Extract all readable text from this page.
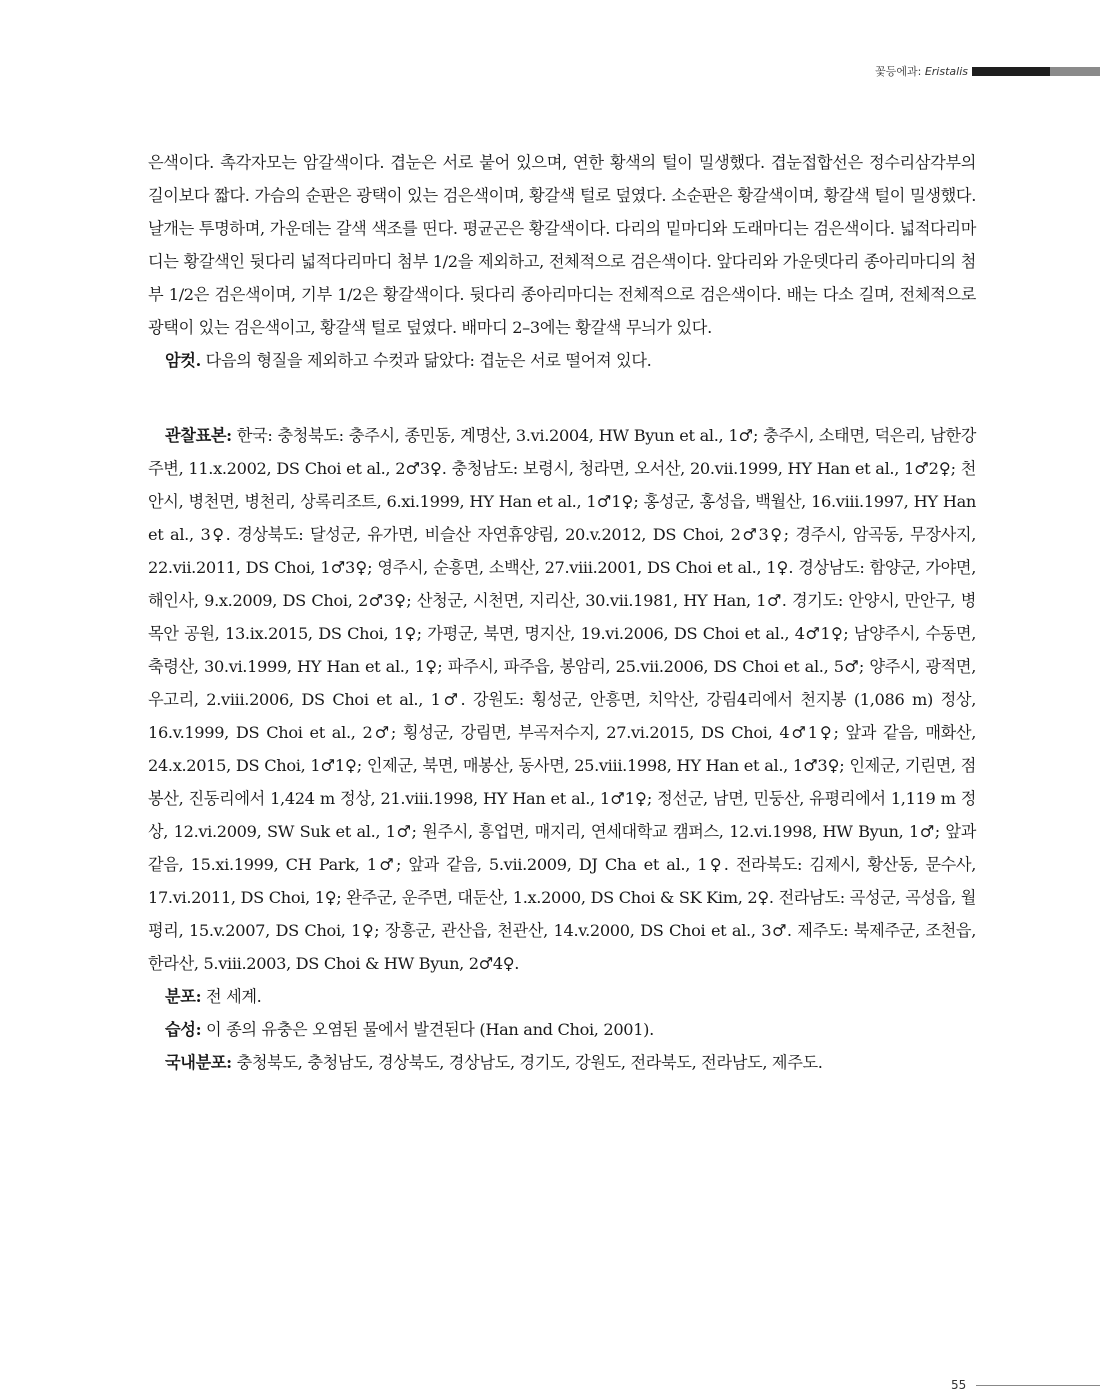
꽃등에과: Eristalis

은색이다. 촉각자모는 암갈색이다. 겹눈은 서로 붙어 있으며, 연한 황색의 털이 밀생했다. 겹눈접합선은 정수리삼각부의 길이보다 짧다. 가슴의 순판은 광택이 있는 검은색이며, 황갈색 털로 덮였다. 소순판은 황갈색이며, 황갈색 털이 밀생했다. 날개는 투명하며, 가운데는 갈색 색조를 띤다. 평균곤은 황갈색이다. 다리의 밑마디와 도래마디는 검은색이다. 넓적다리마디는 황갈색인 뒷다리 넓적다리마디 첨부 1/2을 제외하고, 전체적으로 검은색이다. 앞다리와 가운뎃다리 종아리마디의 첨부 1/2은 검은색이며, 기부 1/2은 황갈색이다. 뒷다리 종아리마디는 전체적으로 검은색이다. 배는 다소 길며, 전체적으로 광택이 있는 검은색이고, 황갈색 털로 덮였다. 배마디 2–3에는 황갈색 무늬가 있다.

암컷. 다음의 형질을 제외하고 수컷과 닮았다: 겹눈은 서로 떨어져 있다.

관찰표본: 한국: 충청북도: 충주시, 종민동, 계명산, 3.vi.2004, HW Byun et al., 1♂; 충주시, 소태면, 덕은리, 남한강 주변, 11.x.2002, DS Choi et al., 2♂3♀. 충청남도: 보령시, 청라면, 오서산, 20.vii.1999, HY Han et al., 1♂2♀; 천안시, 병천면, 병천리, 상록리조트, 6.xi.1999, HY Han et al., 1♂1♀; 홍성군, 홍성읍, 백월산, 16.viii.1997, HY Han et al., 3♀. 경상북도: 달성군, 유가면, 비슬산 자연휴양림, 20.v.2012, DS Choi, 2♂3♀; 경주시, 암곡동, 무장사지, 22.vii.2011, DS Choi, 1♂3♀; 영주시, 순흥면, 소백산, 27.viii.2001, DS Choi et al., 1♀. 경상남도: 함양군, 가야면, 해인사, 9.x.2009, DS Choi, 2♂3♀; 산청군, 시천면, 지리산, 30.vii.1981, HY Han, 1♂. 경기도: 안양시, 만안구, 병목안 공원, 13.ix.2015, DS Choi, 1♀; 가평군, 북면, 명지산, 19.vi.2006, DS Choi et al., 4♂1♀; 남양주시, 수동면, 축령산, 30.vi.1999, HY Han et al., 1♀; 파주시, 파주읍, 봉암리, 25.vii.2006, DS Choi et al., 5♂; 양주시, 광적면, 우고리, 2.viii.2006, DS Choi et al., 1♂. 강원도: 횡성군, 안흥면, 치악산, 강림4리에서 천지봉 (1,086 m) 정상, 16.v.1999, DS Choi et al., 2♂; 횡성군, 강림면, 부곡저수지, 27.vi.2015, DS Choi, 4♂1♀; 앞과 같음, 매화산, 24.x.2015, DS Choi, 1♂1♀; 인제군, 북면, 매봉산, 동사면, 25.viii.1998, HY Han et al., 1♂3♀; 인제군, 기린면, 점봉산, 진동리에서 1,424 m 정상, 21.viii.1998, HY Han et al., 1♂1♀; 정선군, 남면, 민둥산, 유평리에서 1,119 m 정상, 12.vi.2009, SW Suk et al., 1♂; 원주시, 흥업면, 매지리, 연세대학교 캠퍼스, 12.vi.1998, HW Byun, 1♂; 앞과 같음, 15.xi.1999, CH Park, 1♂; 앞과 같음, 5.vii.2009, DJ Cha et al., 1♀. 전라북도: 김제시, 황산동, 문수사, 17.vi.2011, DS Choi, 1♀; 완주군, 운주면, 대둔산, 1.x.2000, DS Choi & SK Kim, 2♀. 전라남도: 곡성군, 곡성읍, 월평리, 15.v.2007, DS Choi, 1♀; 장흥군, 관산읍, 천관산, 14.v.2000, DS Choi et al., 3♂. 제주도: 북제주군, 조천읍, 한라산, 5.viii.2003, DS Choi & HW Byun, 2♂4♀.

분포: 전 세계.

습성: 이 종의 유충은 오염된 물에서 발견된다 (Han and Choi, 2001).

국내분포: 충청북도, 충청남도, 경상북도, 경상남도, 경기도, 강원도, 전라북도, 전라남도, 제주도.

55
